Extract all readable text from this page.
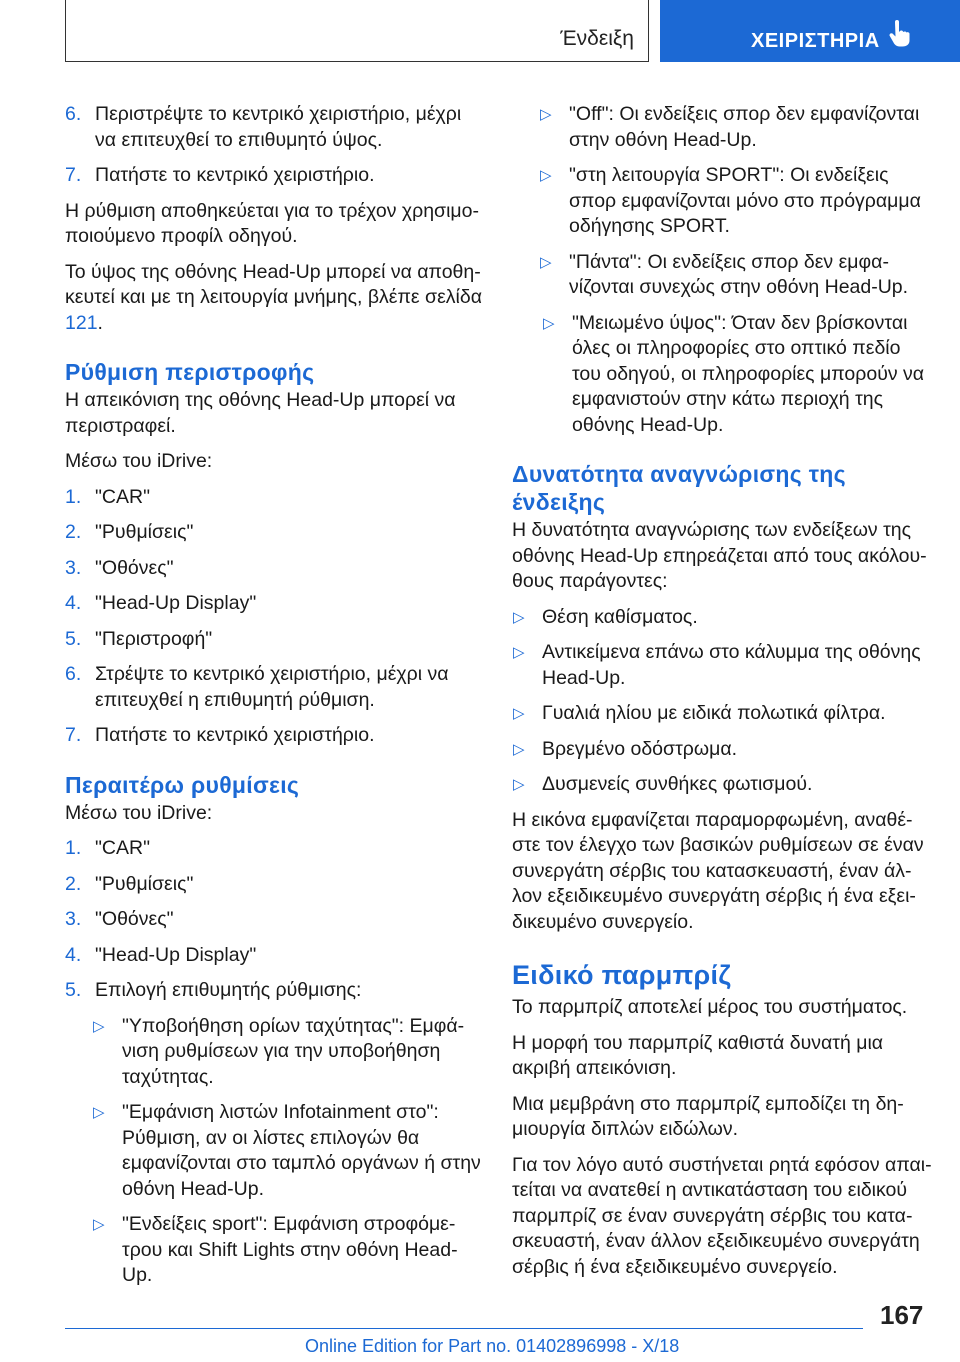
Ένδειξη	ΧΕΙΡΙΣΤΗΡΙΑ
6. Περιστρέψτε το κεντρικό χειριστήριο, μέχρι να επιτευχθεί το επιθυμητό ύψος.
7. Πατήστε το κεντρικό χειριστήριο.

Η ρύθμιση αποθηκεύεται για το τρέχον χρησιμοποιούμενο προφίλ οδηγού.

Το ύψος της οθόνης Head-Up μπορεί να αποθηκευτεί και με τη λειτουργία μνήμης, βλέπε σελίδα 121.

Ρύθμιση περιστροφής

Η απεικόνιση της οθόνης Head-Up μπορεί να περιστραφεί.

Μέσω του iDrive:

1. "CAR"
2. "Ρυθμίσεις"
3. "Οθόνες"
4. "Head-Up Display"
5. "Περιστροφή"
6. Στρέψτε το κεντρικό χειριστήριο, μέχρι να επιτευχθεί η επιθυμητή ρύθμιση.
7. Πατήστε το κεντρικό χειριστήριο.
Περαιτέρω ρυθμίσεις

Μέσω του iDrive:

1. "CAR"
2. "Ρυθμίσεις"
3. "Οθόνες"
4. "Head-Up Display"
5. Επιλογή επιθυμητής ρύθμισης:
▷ "Υποβοήθηση ορίων ταχύτητας": Εμφάνιση ρυθμίσεων για την υποβοήθηση ταχύτητας.
▷ "Εμφάνιση λιστών Infotainment στο": Ρύθμιση, αν οι λίστες επιλογών θα εμφανίζονται στο ταμπλό οργάνων ή στην οθόνη Head-Up.
▷ "Ενδείξεις sport": Εμφάνιση στροφόμετρου και Shift Lights στην οθόνη Head-Up.
▷ "Off": Οι ενδείξεις σπορ δεν εμφανίζονται στην οθόνη Head-Up.
▷ "στη λειτουργία SPORT": Οι ενδείξεις σπορ εμφανίζονται μόνο στο πρόγραμμα οδήγησης SPORT.
▷ "Πάντα": Οι ενδείξεις σπορ δεν εμφανίζονται συνεχώς στην οθόνη Head-Up.
▷ "Μειωμένο ύψος": Όταν δεν βρίσκονται όλες οι πληροφορίες στο οπτικό πεδίο του οδηγού, οι πληροφορίες μπορούν να εμφανιστούν στην κάτω περιοχή της οθόνης Head-Up.
Δυνατότητα αναγνώρισης της ένδειξης

Η δυνατότητα αναγνώρισης των ενδείξεων της οθόνης Head-Up επηρεάζεται από τους ακόλουθους παράγοντες:

▷ Θέση καθίσματος.
▷ Αντικείμενα επάνω στο κάλυμμα της οθόνης Head-Up.
▷ Γυαλιά ηλίου με ειδικά πολωτικά φίλτρα.
▷ Βρεγμένο οδόστρωμα.
▷ Δυσμενείς συνθήκες φωτισμού.

Η εικόνα εμφανίζεται παραμορφωμένη, αναθέστε τον έλεγχο των βασικών ρυθμίσεων σε έναν συνεργάτη σέρβις του κατασκευαστή, έναν άλλον εξειδικευμένο συνεργάτη σέρβις ή ένα εξειδικευμένο συνεργείο.

Ειδικό παρμπρίζ

Το παρμπρίζ αποτελεί μέρος του συστήματος.

Η μορφή του παρμπρίζ καθιστά δυνατή μια ακριβή απεικόνιση.

Μια μεμβράνη στο παρμπρίζ εμποδίζει τη δημιουργία διπλών ειδώλων.

Για τον λόγο αυτό συστήνεται ρητά εφόσον απαιτείται να ανατεθεί η αντικατάσταση του ειδικού παρμπρίζ σε έναν συνεργάτη σέρβις του κατασκευαστή, έναν άλλον εξειδικευμένο συνεργάτη σέρβις ή ένα εξειδικευμένο συνεργείο.

167
Online Edition for Part no. 01402896998 - X/18
